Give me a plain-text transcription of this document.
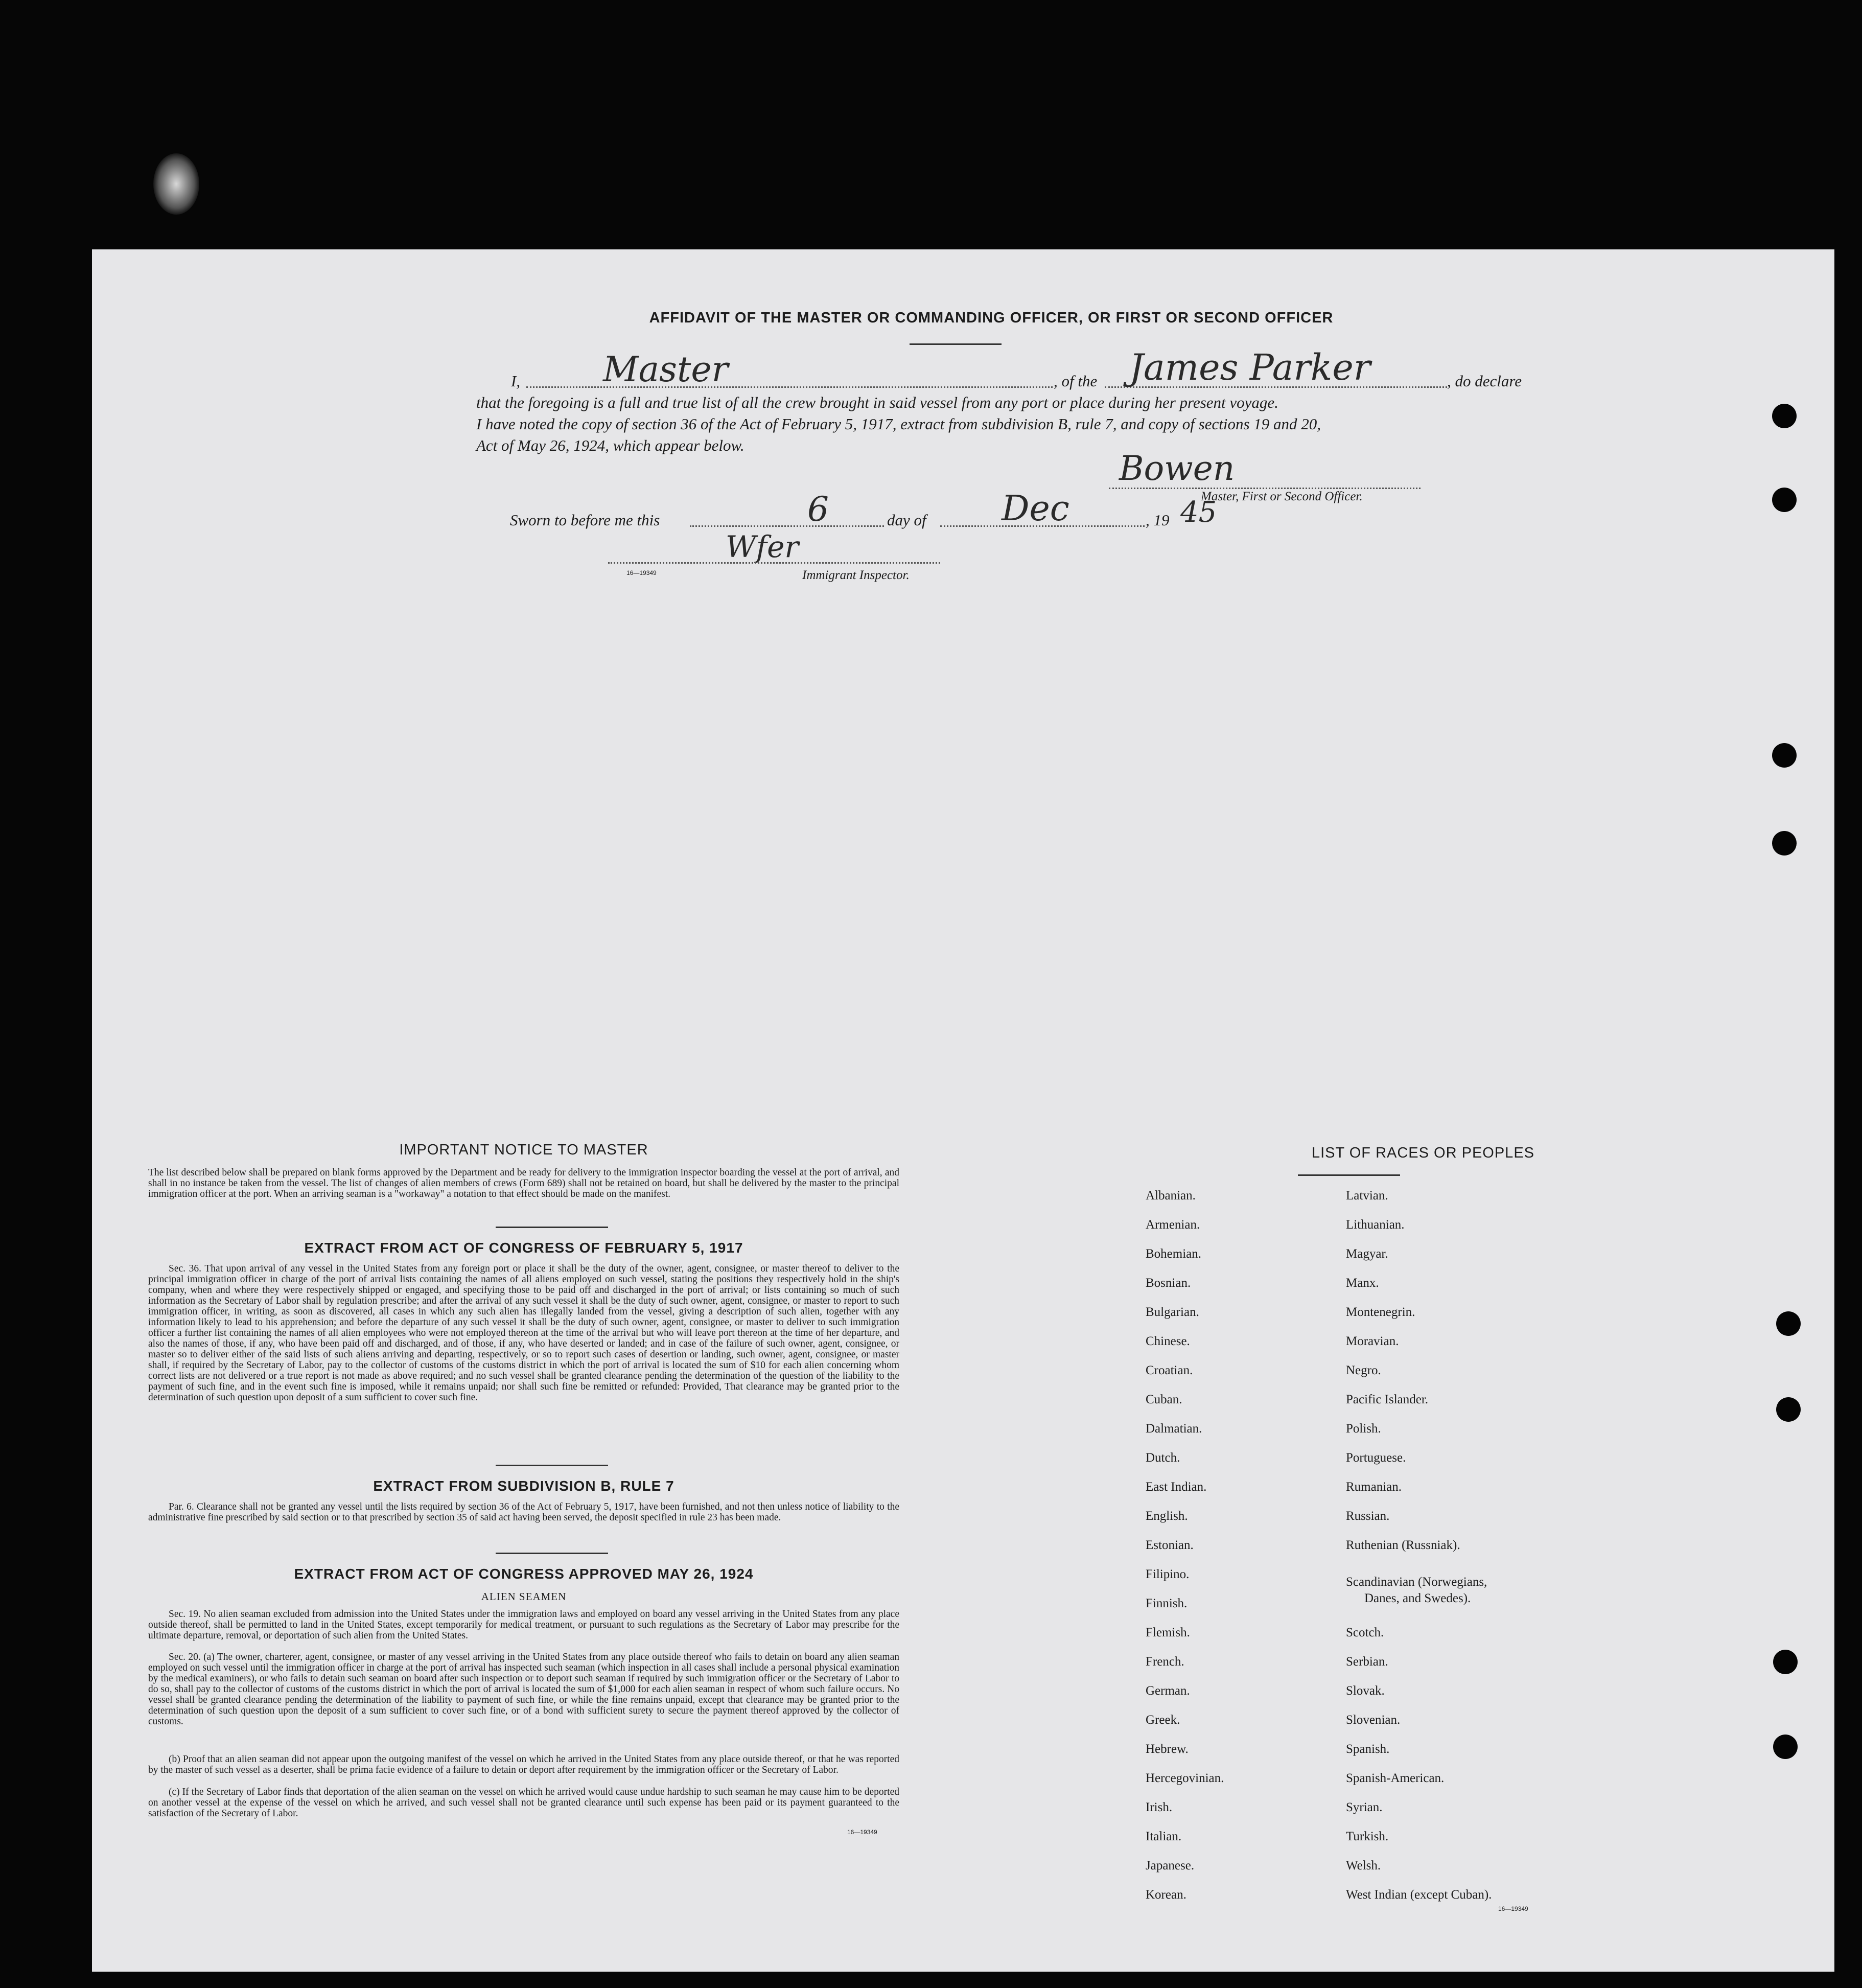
AFFIDAVIT OF THE MASTER OR COMMANDING OFFICER, OR FIRST OR SECOND OFFICER
I, Master	, of the James Parker	, do declare
that the foregoing is a full and true list of all the crew brought in said vessel from any port or place during her present voyage.
I have noted the copy of section 36 of the Act of February 5, 1917, extract from subdivision B, rule 7, and copy of sections 19 and 20,
Act of May 26, 1924, which appear below.
Bowen
Master, First or Second Officer.
Sworn to before me this	6	day of Dec	, 19 45
Wfer
Immigrant Inspector.
16—19349
IMPORTANT NOTICE TO MASTER
The list described below shall be prepared on blank forms approved by the Department and be ready for delivery to the immigration inspector boarding the vessel at the port of arrival, and shall in no instance be taken from the vessel. The list of changes of alien members of crews (Form 689) shall not be retained on board, but shall be delivered by the master to the principal immigration officer at the port. When an arriving seaman is a "workaway" a notation to that effect should be made on the manifest.
EXTRACT FROM ACT OF CONGRESS OF FEBRUARY 5, 1917
Sec. 36. That upon arrival of any vessel in the United States from any foreign port or place it shall be the duty of the owner, agent, consignee, or master thereof to deliver to the principal immigration officer in charge of the port of arrival lists containing the names of all aliens employed on such vessel, stating the positions they respectively hold in the ship's company, when and where they were respectively shipped or engaged, and specifying those to be paid off and discharged in the port of arrival; or lists containing so much of such information as the Secretary of Labor shall by regulation prescribe; and after the arrival of any such vessel it shall be the duty of such owner, agent, consignee, or master to report to such immigration officer, in writing, as soon as discovered, all cases in which any such alien has illegally landed from the vessel, giving a description of such alien, together with any information likely to lead to his apprehension; and before the departure of any such vessel it shall be the duty of such owner, agent, consignee, or master to deliver to such immigration officer a further list containing the names of all alien employees who were not employed thereon at the time of the arrival but who will leave port thereon at the time of her departure, and also the names of those, if any, who have been paid off and discharged, and of those, if any, who have deserted or landed; and in case of the failure of such owner, agent, consignee, or master so to deliver either of the said lists of such aliens arriving and departing, respectively, or so to report such cases of desertion or landing, such owner, agent, consignee, or master shall, if required by the Secretary of Labor, pay to the collector of customs of the customs district in which the port of arrival is located the sum of $10 for each alien concerning whom correct lists are not delivered or a true report is not made as above required; and no such vessel shall be granted clearance pending the determination of the question of the liability to the payment of such fine, and in the event such fine is imposed, while it remains unpaid; nor shall such fine be remitted or refunded: Provided, That clearance may be granted prior to the determination of such question upon deposit of a sum sufficient to cover such fine.
EXTRACT FROM SUBDIVISION B, RULE 7
Par. 6. Clearance shall not be granted any vessel until the lists required by section 36 of the Act of February 5, 1917, have been furnished, and not then unless notice of liability to the administrative fine prescribed by said section or to that prescribed by section 35 of said act having been served, the deposit specified in rule 23 has been made.
EXTRACT FROM ACT OF CONGRESS APPROVED MAY 26, 1924
ALIEN SEAMEN
Sec. 19. No alien seaman excluded from admission into the United States under the immigration laws and employed on board any vessel arriving in the United States from any place outside thereof, shall be permitted to land in the United States, except temporarily for medical treatment, or pursuant to such regulations as the Secretary of Labor may prescribe for the ultimate departure, removal, or deportation of such alien from the United States.
Sec. 20. (a) The owner, charterer, agent, consignee, or master of any vessel arriving in the United States from any place outside thereof who fails to detain on board any alien seaman employed on such vessel until the immigration officer in charge at the port of arrival has inspected such seaman (which inspection in all cases shall include a personal physical examination by the medical examiners), or who fails to detain such seaman on board after such inspection or to deport such seaman if required by such immigration officer or the Secretary of Labor to do so, shall pay to the collector of customs of the customs district in which the port of arrival is located the sum of $1,000 for each alien seaman in respect of whom such failure occurs. No vessel shall be granted clearance pending the determination of the liability to payment of such fine, or while the fine remains unpaid, except that clearance may be granted prior to the determination of such question upon the deposit of a sum sufficient to cover such fine, or of a bond with sufficient surety to secure the payment thereof approved by the collector of customs.
(b) Proof that an alien seaman did not appear upon the outgoing manifest of the vessel on which he arrived in the United States from any place outside thereof, or that he was reported by the master of such vessel as a deserter, shall be prima facie evidence of a failure to detain or deport after requirement by the immigration officer or the Secretary of Labor.
(c) If the Secretary of Labor finds that deportation of the alien seaman on the vessel on which he arrived would cause undue hardship to such seaman he may cause him to be deported on another vessel at the expense of the vessel on which he arrived, and such vessel shall not be granted clearance until such expense has been paid or its payment guaranteed to the satisfaction of the Secretary of Labor.
16—19349
LIST OF RACES OR PEOPLES
Albanian.
Armenian.
Bohemian.
Bosnian.
Bulgarian.
Chinese.
Croatian.
Cuban.
Dalmatian.
Dutch.
East Indian.
English.
Estonian.
Filipino.
Finnish.
Flemish.
French.
German.
Greek.
Hebrew.
Hercegovinian.
Irish.
Italian.
Japanese.
Korean.
Latvian.
Lithuanian.
Magyar.
Manx.
Montenegrin.
Moravian.
Negro.
Pacific Islander.
Polish.
Portuguese.
Rumanian.
Russian.
Ruthenian (Russniak).
Scandinavian (Norwegians,
Danes, and Swedes).
Scotch.
Serbian.
Slovak.
Slovenian.
Spanish.
Spanish-American.
Syrian.
Turkish.
Welsh.
West Indian (except Cuban).
16—19349
